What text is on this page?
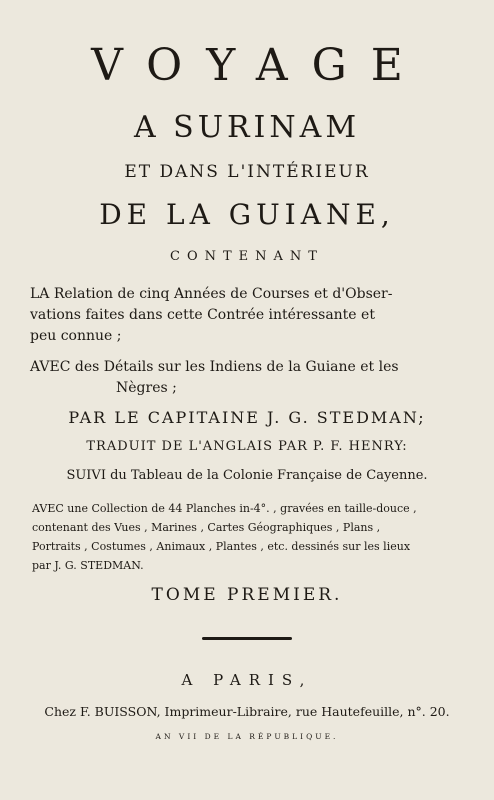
VOYAGE
A SURINAM
ET DANS L'INTÉRIEUR
DE LA GUIANE,
CONTENANT
LA Relation de cinq Années de Courses et d'Obser-
vations faites dans cette Contrée intéressante et
peu connue ;
AVEC des Détails sur les Indiens de la Guiane et les
Nègres ;
PAR LE CAPITAINE J. G. STEDMAN;
TRADUIT DE L'ANGLAIS PAR P. F. HENRY:
SUIVI du Tableau de la Colonie Française de Cayenne.
AVEC une Collection de 44 Planches in-4°. , gravées en taille-douce ,
contenant des Vues , Marines , Cartes Géographiques , Plans ,
Portraits , Costumes , Animaux , Plantes , etc. dessinés sur les lieux
par J. G. STEDMAN.
TOME PREMIER.
A PARIS,
Chez F. BUISSON, Imprimeur-Libraire, rue Hautefeuille, n°. 20.
AN VII DE LA RÉPUBLIQUE.
